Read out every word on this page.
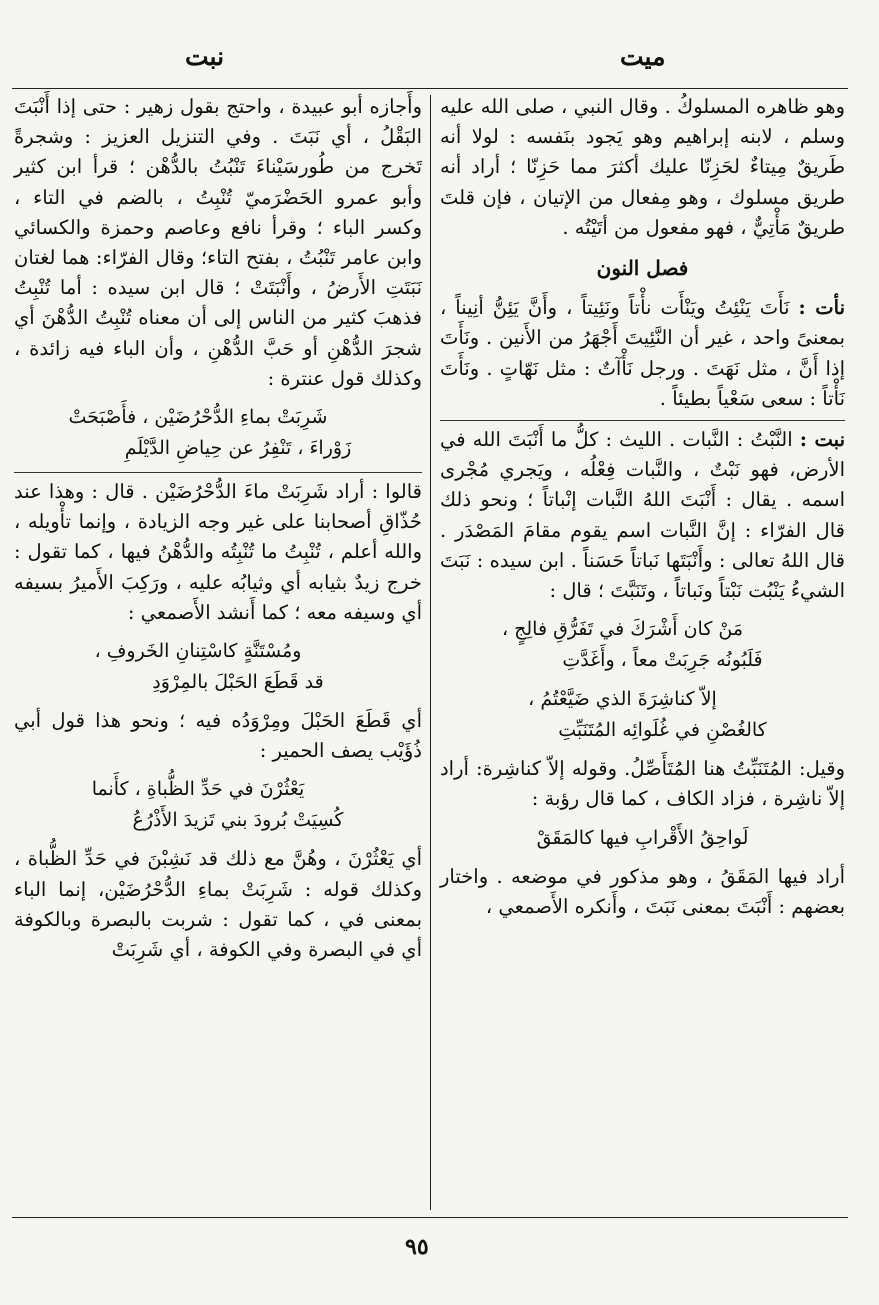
ميت
نبت

وهو ظاهره المسلوكُ . وقال النبي ، صلى الله عليه وسلم ، لابنه إبراهيم وهو يَجود بنَفسه : لولا أنه طَريقٌ مِيتاءٌ لحَزِنّا عليك أكثرَ مما حَزِنّا ؛ أراد أنه طريق مسلوك ، وهو مِفعال من الإتيان ، فإن قلتَ طريقٌ مَأْتِيٌّ ، فهو مفعول من أتَيْتُه .

فصل النون

نأت : نَأَتَ يَنْئِتُ ويَنْأَت نأْتاً ونَئِيتاً ، وأَنَّ يَئِنُّ أنِيناً ، بمعنىً واحد ، غير أن النَّئِيتَ أَجْهَرُ من الأَنين . ونَأَتَ إذا أَنَّ ، مثل نَهَتَ . ورجل نَأْآتٌ : مثل نَهّاتٍ . ونَأَتَ نَأْتاً : سعى سَعْياً بطيئاً .

نبت : النَّبْتُ : النَّبات . الليث : كلُّ ما أَنْبَتَ الله في الأرض، فهو نَبْتٌ ، والنَّبات فِعْلُه ، ويَجري مُجْرى اسمه . يقال : أَنْبَتَ اللهُ النَّبات إنْباتاً ؛ ونحو ذلك قال الفرّاء : إنَّ النَّبات اسم يقوم مقامَ المَصْدَر . قال اللهُ تعالى : وأَنْبَتَها نَباتاً حَسَناً . ابن سيده : نَبَتَ الشيءُ يَنْبُت نَبْتاً ونَباتاً ، وتَنَبَّتَ ؛ قال :

مَنْ كان أَشْرَكَ في تَفَرُّقِ فالِجٍ ،
فَلَبُونُه جَرِبَتْ معاً ، وأَغَدَّتِ
إلاّ كناشِرَةَ الذي ضَيَّعْتُمُ ،
كالغُصْنِ في غُلَوائِه المُتَنَبِّتِ

وقيل: المُتَنَبِّتُ هنا المُتَأَصِّلُ. وقوله إلاّ كناشِرة: أراد إلاّ ناشِرة ، فزاد الكاف ، كما قال رؤبة :

لَواحِقُ الأَقْرابِ فيها كالمَقَقْ

أراد فيها المَقَقُ ، وهو مذكور في موضعه . واختار بعضهم : أَنْبَتَ بمعنى نَبَتَ ، وأَنكره الأَصمعي ،

وأَجازه أبو عبيدة ، واحتج بقول زهير : حتى إذا أَنْبَتَ البَقْلُ ، أي نَبَتَ . وفي التنزيل العزيز : وشجرةً تَخرج من طُورسَيْناءَ تَنْبُتُ بالدُّهْن ؛ قرأ ابن كثير وأبو عمرو الحَضْرَميّ تُنْبِتُ ، بالضم في التاء ، وكسر الباء ؛ وقرأ نافع وعاصم وحمزة والكسائي وابن عامر تَنْبُتُ ، بفتح التاء؛ وقال الفرّاء: هما لغتان نَبَتَتِ الأَرضُ ، وأَنْبَتَتْ ؛ قال ابن سيده : أما تُنْبِتُ فذهبَ كثير من الناس إلى أن معناه تُنْبِتُ الدُّهْنَ أي شجرَ الدُّهْنِ أو حَبَّ الدُّهْنِ ، وأن الباء فيه زائدة ، وكذلك قول عنترة :

شَرِبَتْ بماءِ الدُّحْرُضَيْن ، فأَصْبَحَتْ
زَوْراءَ ، تَنْفِرُ عن حِياضِ الدَّيْلَمِ

قالوا : أراد شَرِبَتْ ماءَ الدُّحْرُضَيْن . قال : وهذا عند حُذّاقِ أصحابنا على غير وجه الزيادة ، وإنما تأْويله ، والله أعلم ، تُنْبِتُ ما تُنْبِتُه والدُّهْنُ فيها ، كما تقول : خرج زيدٌ بثيابه أي وثيابُه عليه ، ورَكِبَ الأَميرُ بسيفه أي وسيفه معه ؛ كما أَنشد الأَصمعي :

ومُسْتَنَّةٍ كاسْتِنانِ الخَروفِ ،
قد قَطَعَ الحَبْلَ بالمِرْوَدِ

أي قَطَعَ الحَبْلَ ومِرْوَدُه فيه ؛ ونحو هذا قول أبي ذُؤَيْب يصف الحمير :

يَعْثُرْنَ في حَدِّ الظُّباةِ ، كأَنما
كُسِيَتْ بُرودَ بني تَزيدَ الأَذْرُعُ

أي يَعْثُرْنَ ، وهُنَّ مع ذلك قد نَشِبْنَ في حَدِّ الظُّباة ، وكذلك قوله : شَرِبَتْ بماءِ الدُّحْرُضَيْن، إنما الباء بمعنى في ، كما تقول : شربت بالبصرة وبالكوفة أي في البصرة وفي الكوفة ، أي شَرِبَتْ

٩٥
